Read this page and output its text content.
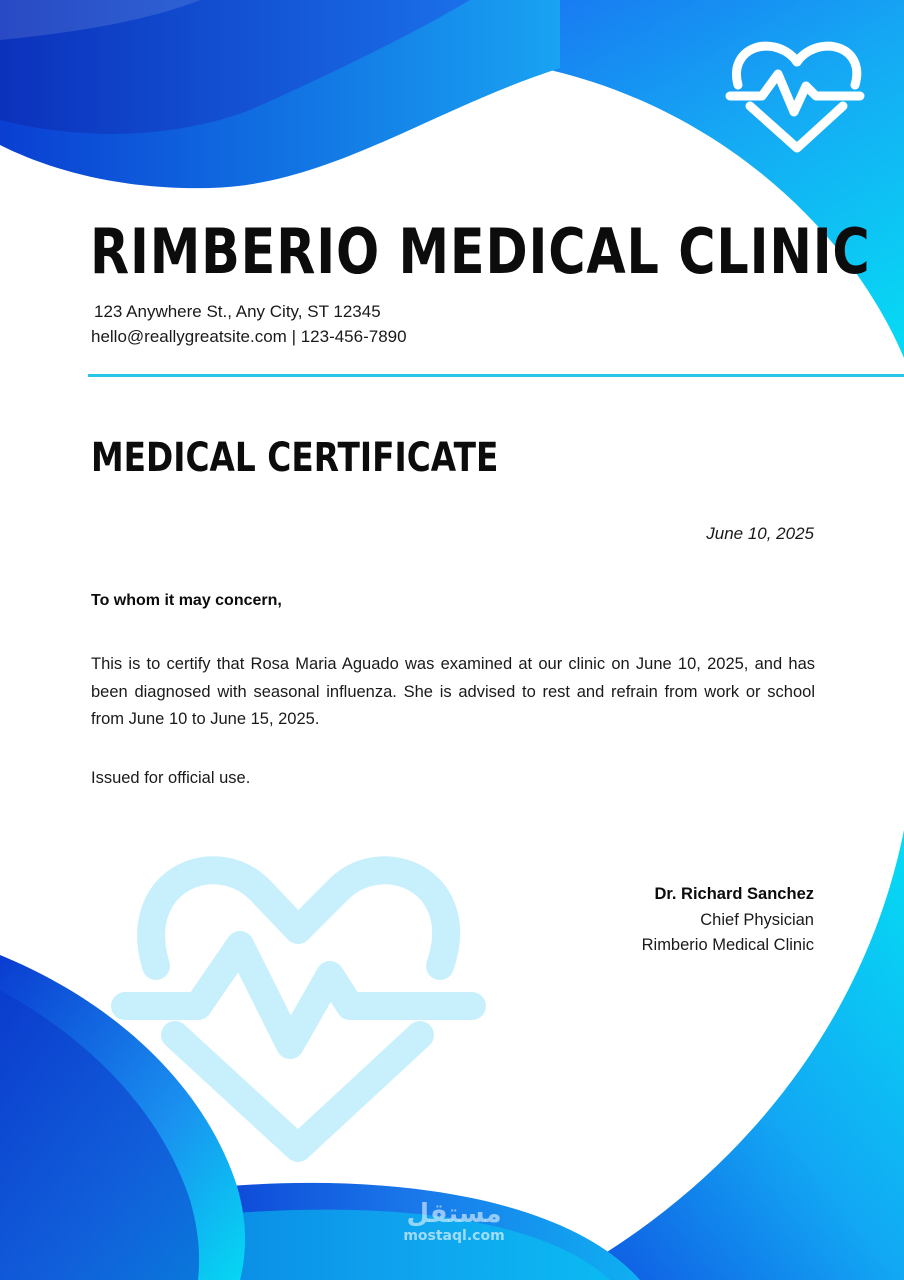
RIMBERIO MEDICAL CLINIC

123 Anywhere St., Any City, ST 12345

hello@reallygreatsite.com | 123-456-7890

MEDICAL CERTIFICATE

June 10, 2025

To whom it may concern,

This is to certify that Rosa Maria Aguado was examined at our clinic on June 10, 2025, and has been diagnosed with seasonal influenza. She is advised to rest and refrain from work or school from June 10 to June 15, 2025.

Issued for official use.

Dr. Richard Sanchez

Chief Physician

Rimberio Medical Clinic

مستقل
mostaql.com
